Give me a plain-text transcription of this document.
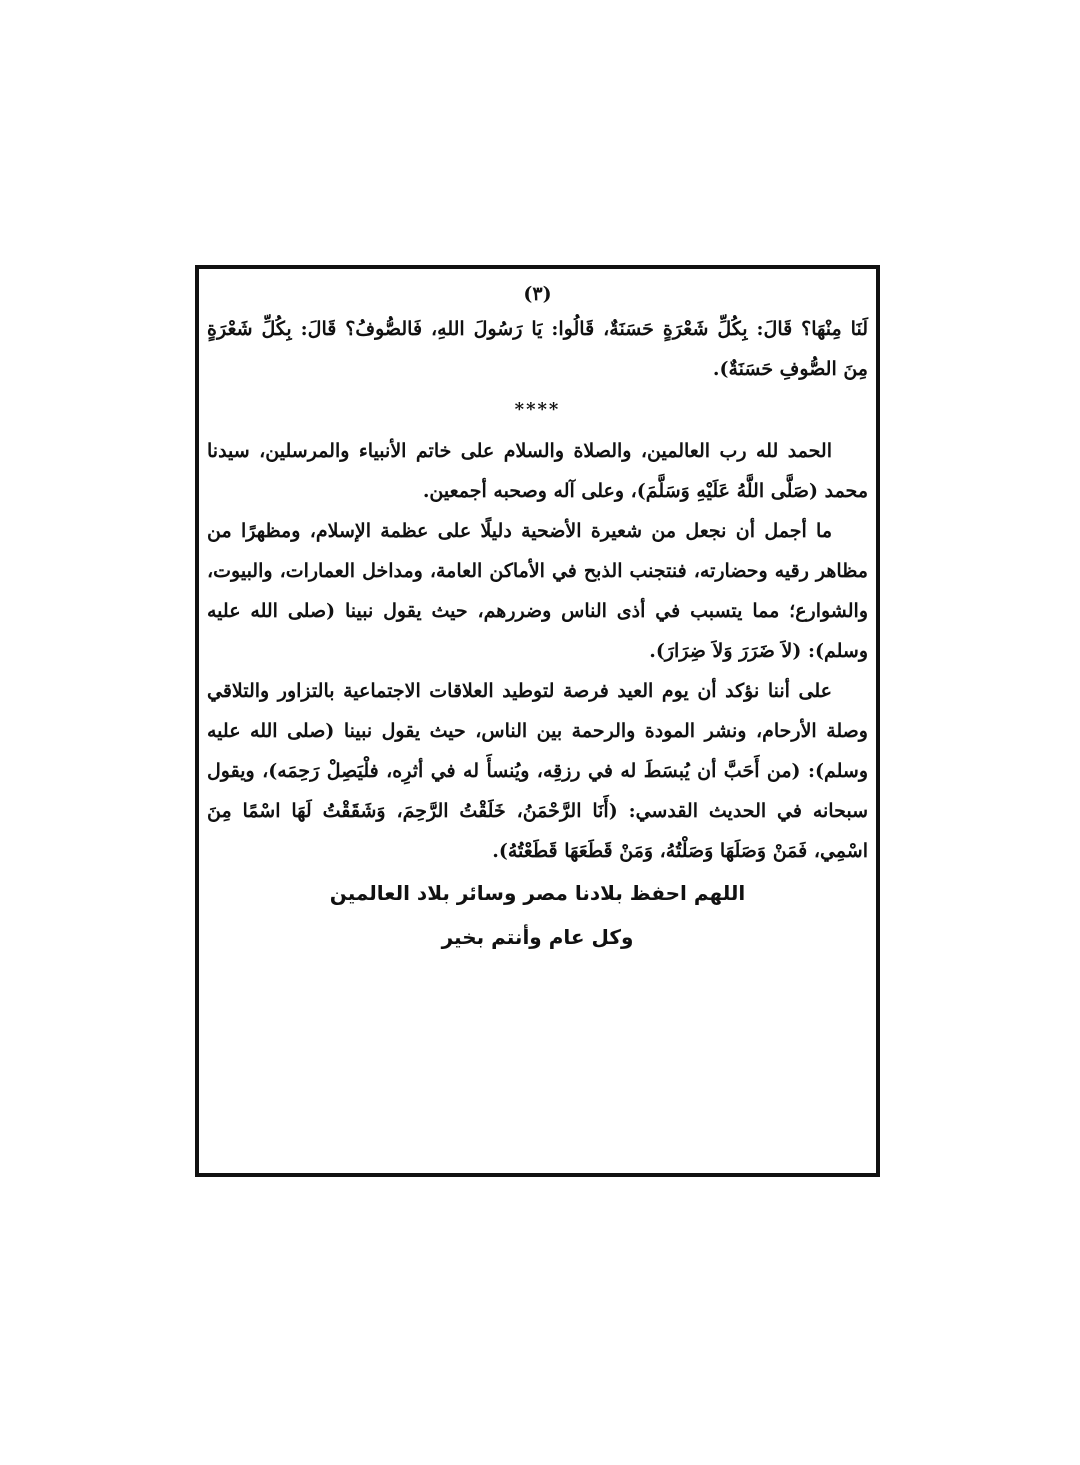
(٣)

لَنَا مِنْهَا؟ قَالَ: بِكُلِّ شَعْرَةٍ حَسَنَةٌ، قَالُوا: يَا رَسُولَ اللهِ، فَالصُّوفُ؟ قَالَ: بِكُلِّ شَعْرَةٍ مِنَ الصُّوفِ حَسَنَةٌ).

****

الحمد لله رب العالمين، والصلاة والسلام على خاتم الأنبياء والمرسلين، سيدنا محمد (صَلَّى اللَّهُ عَلَيْهِ وَسَلَّمَ)، وعلى آله وصحبه أجمعين.

ما أجمل أن نجعل من شعيرة الأضحية دليلًا على عظمة الإسلام، ومظهرًا من مظاهر رقيه وحضارته، فنتجنب الذبح في الأماكن العامة، ومداخل العمارات، والبيوت، والشوارع؛ مما يتسبب في أذى الناس وضررهم، حيث يقول نبينا (صلى الله عليه وسلم): (لاَ ضَرَرَ وَلاَ ضِرَارَ).

على أننا نؤكد أن يوم العيد فرصة لتوطيد العلاقات الاجتماعية بالتزاور والتلاقي وصلة الأرحام، ونشر المودة والرحمة بين الناس، حيث يقول نبينا (صلى الله عليه وسلم): (من أَحَبَّ أن يُبسَطَ له في رزقِه، ويُنسأَ له في أثرِه، فلْيَصِلْ رَحِمَه)، ويقول سبحانه في الحديث القدسي: (أَنَا الرَّحْمَنُ، خَلَقْتُ الرَّحِمَ، وَشَقَقْتُ لَهَا اسْمًا مِنَ اسْمِي، فَمَنْ وَصَلَهَا وَصَلْتُهُ، وَمَنْ قَطَعَهَا قَطَعْتُهُ).

اللهم احفظ بلادنا مصر وسائر بلاد العالمين
وكل عام وأنتم بخير
